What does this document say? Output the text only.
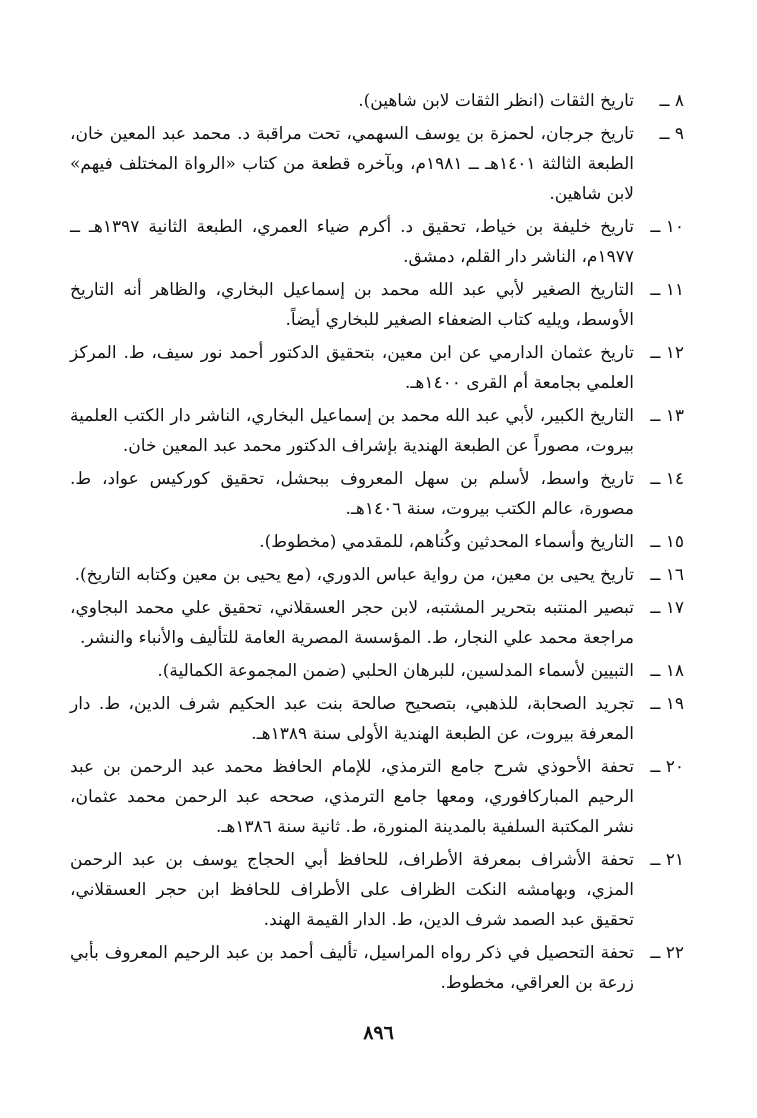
٨ ــ
تاريخ الثقات (انظر الثقات لابن شاهين).
٩ ــ
تاريخ جرجان، لحمزة بن يوسف السهمي، تحت مراقبة د. محمد عبد المعين خان، الطبعة الثالثة ١٤٠١هـ ــ ١٩٨١م، وبآخره قطعة من كتاب «الرواة المختلف فيهم» لابن شاهين.
١٠ ــ
تاريخ خليفة بن خياط، تحقيق د. أكرم ضياء العمري، الطبعة الثانية ١٣٩٧هـ ــ ١٩٧٧م، الناشر دار القلم، دمشق.
١١ ــ
التاريخ الصغير لأبي عبد الله محمد بن إسماعيل البخاري، والظاهر أنه التاريخ الأوسط، ويليه كتاب الضعفاء الصغير للبخاري أيضاً.
١٢ ــ
تاريخ عثمان الدارمي عن ابن معين، بتحقيق الدكتور أحمد نور سيف، ط. المركز العلمي بجامعة أم القرى ١٤٠٠هـ.
١٣ ــ
التاريخ الكبير، لأبي عبد الله محمد بن إسماعيل البخاري، الناشر دار الكتب العلمية بيروت، مصوراً عن الطبعة الهندية بإشراف الدكتور محمد عبد المعين خان.
١٤ ــ
تاريخ واسط، لأسلم بن سهل المعروف ببحشل، تحقيق كوركيس عواد، ط. مصورة، عالم الكتب بيروت، سنة ١٤٠٦هـ.
١٥ ــ
التاريخ وأسماء المحدثين وكُناهم، للمقدمي (مخطوط).
١٦ ــ
تاريخ يحيى بن معين، من رواية عباس الدوري، (مع يحيى بن معين وكتابه التاريخ).
١٧ ــ
تبصير المنتبه بتحرير المشتبه، لابن حجر العسقلاني، تحقيق علي محمد البجاوي، مراجعة محمد علي النجار، ط. المؤسسة المصرية العامة للتأليف والأنباء والنشر.
١٨ ــ
التبيين لأسماء المدلسين، للبرهان الحلبي (ضمن المجموعة الكمالية).
١٩ ــ
تجريد الصحابة، للذهبي، بتصحيح صالحة بنت عبد الحكيم شرف الدين، ط. دار المعرفة بيروت، عن الطبعة الهندية الأولى سنة ١٣٨٩هـ.
٢٠ ــ
تحفة الأحوذي شرح جامع الترمذي، للإمام الحافظ محمد عبد الرحمن بن عبد الرحيم المباركافوري، ومعها جامع الترمذي، صححه عبد الرحمن محمد عثمان، نشر المكتبة السلفية بالمدينة المنورة، ط. ثانية سنة ١٣٨٦هـ.
٢١ ــ
تحفة الأشراف بمعرفة الأطراف، للحافظ أبي الحجاج يوسف بن عبد الرحمن المزي، وبهامشه النكت الظراف على الأطراف للحافظ ابن حجر العسقلاني، تحقيق عبد الصمد شرف الدين، ط. الدار القيمة الهند.
٢٢ ــ
تحفة التحصيل في ذكر رواه المراسيل، تأليف أحمد بن عبد الرحيم المعروف بأبي زرعة بن العراقي، مخطوط.
٨٩٦
